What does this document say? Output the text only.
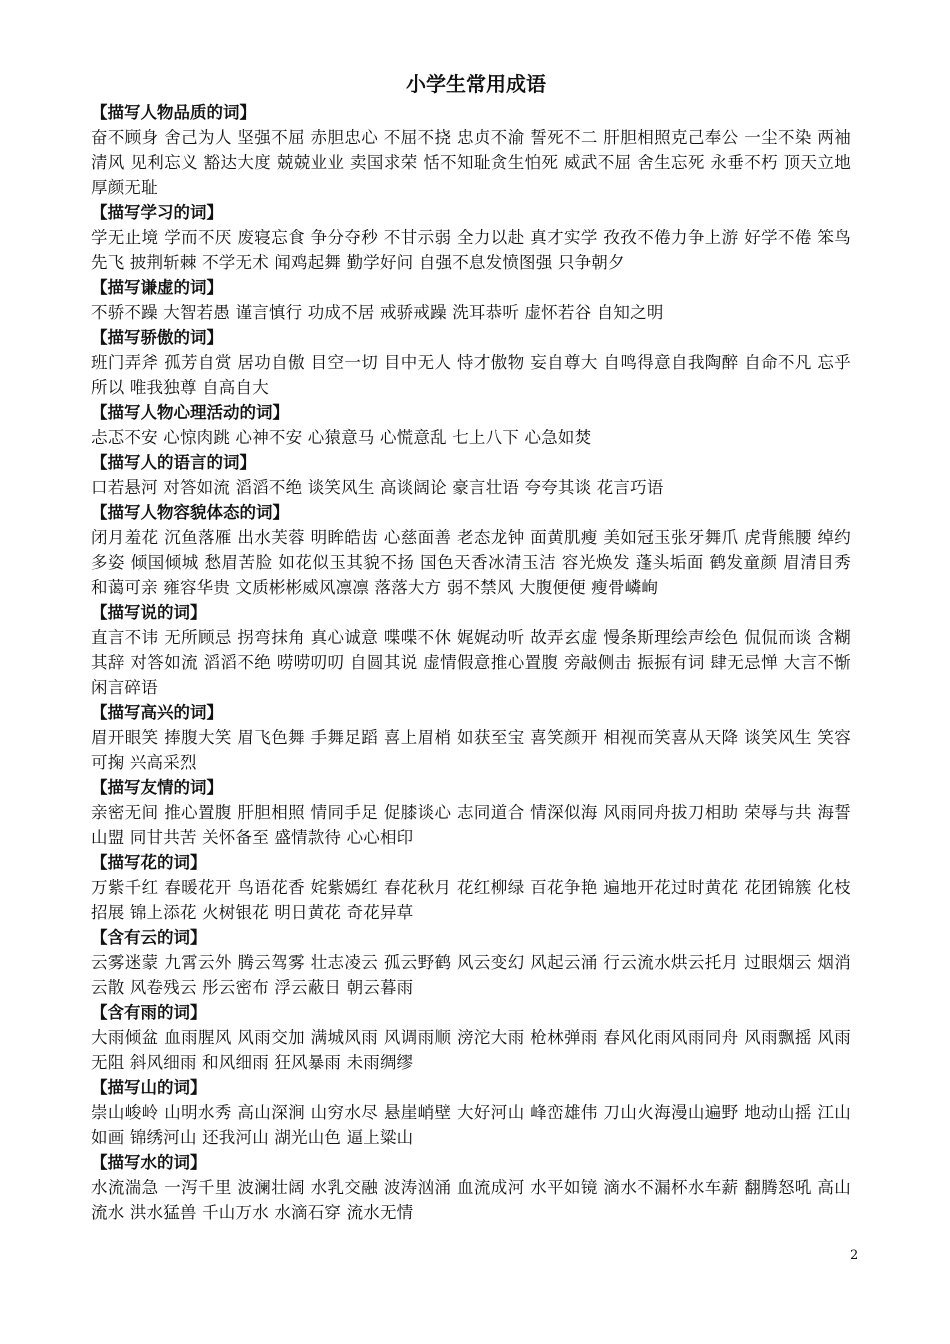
小学生常用成语

【描写人物品质的词】

奋不顾身 舍己为人 坚强不屈 赤胆忠心 不屈不挠 忠贞不渝 誓死不二 肝胆相照克己奉公 一尘不染 两袖清风 见利忘义 豁达大度 兢兢业业 卖国求荣 恬不知耻贪生怕死 威武不屈 舍生忘死 永垂不朽 顶天立地 厚颜无耻

【描写学习的词】

学无止境 学而不厌 废寝忘食 争分夺秒 不甘示弱 全力以赴 真才实学 孜孜不倦力争上游 好学不倦 笨鸟先飞 披荆斩棘 不学无术 闻鸡起舞 勤学好问 自强不息发愤图强 只争朝夕

【描写谦虚的词】

不骄不躁 大智若愚 谨言慎行 功成不居 戒骄戒躁 洗耳恭听 虚怀若谷 自知之明

【描写骄傲的词】

班门弄斧 孤芳自赏 居功自傲 目空一切 目中无人 恃才傲物 妄自尊大 自鸣得意自我陶醉 自命不凡 忘乎所以 唯我独尊 自高自大

【描写人物心理活动的词】

忐忑不安 心惊肉跳 心神不安 心猿意马 心慌意乱 七上八下 心急如焚

【描写人的语言的词】

口若悬河 对答如流 滔滔不绝 谈笑风生 高谈阔论 豪言壮语 夸夸其谈 花言巧语

【描写人物容貌体态的词】

闭月羞花 沉鱼落雁 出水芙蓉 明眸皓齿 心慈面善 老态龙钟 面黄肌瘦 美如冠玉张牙舞爪 虎背熊腰 绰约多姿 倾国倾城 愁眉苦脸 如花似玉其貌不扬 国色天香冰清玉洁 容光焕发 蓬头垢面 鹤发童颜 眉清目秀 和蔼可亲 雍容华贵 文质彬彬威风凛凛 落落大方 弱不禁风 大腹便便 瘦骨嶙峋

【描写说的词】

直言不讳 无所顾忌 拐弯抹角 真心诚意 喋喋不休 娓娓动听 故弄玄虚 慢条斯理绘声绘色 侃侃而谈 含糊其辞 对答如流 滔滔不绝 唠唠叨叨 自圆其说 虚情假意推心置腹 旁敲侧击 振振有词 肆无忌惮 大言不惭 闲言碎语

【描写高兴的词】

眉开眼笑 捧腹大笑 眉飞色舞 手舞足蹈 喜上眉梢 如获至宝 喜笑颜开 相视而笑喜从天降 谈笑风生 笑容可掬 兴高采烈

【描写友情的词】

亲密无间 推心置腹 肝胆相照 情同手足 促膝谈心 志同道合 情深似海 风雨同舟拔刀相助 荣辱与共 海誓山盟 同甘共苦 关怀备至 盛情款待 心心相印

【描写花的词】

万紫千红 春暖花开 鸟语花香 姹紫嫣红 春花秋月 花红柳绿 百花争艳 遍地开花过时黄花 花团锦簇 化枝招展 锦上添花 火树银花 明日黄花 奇花异草

【含有云的词】

云雾迷蒙 九霄云外 腾云驾雾 壮志凌云 孤云野鹤 风云变幻 风起云涌 行云流水烘云托月 过眼烟云 烟消云散 风卷残云 彤云密布 浮云蔽日 朝云暮雨

【含有雨的词】

大雨倾盆 血雨腥风 风雨交加 满城风雨 风调雨顺 滂沱大雨 枪林弹雨 春风化雨风雨同舟 风雨飘摇 风雨无阻 斜风细雨 和风细雨 狂风暴雨 未雨绸缪

【描写山的词】

崇山峻岭 山明水秀 高山深涧 山穷水尽 悬崖峭壁 大好河山 峰峦雄伟 刀山火海漫山遍野 地动山摇 江山如画 锦绣河山 还我河山 湖光山色 逼上粱山

【描写水的词】

水流湍急 一泻千里 波澜壮阔 水乳交融 波涛汹涌 血流成河 水平如镜 滴水不漏杯水车薪 翻腾怒吼 高山流水 洪水猛兽 千山万水 水滴石穿 流水无情

2
